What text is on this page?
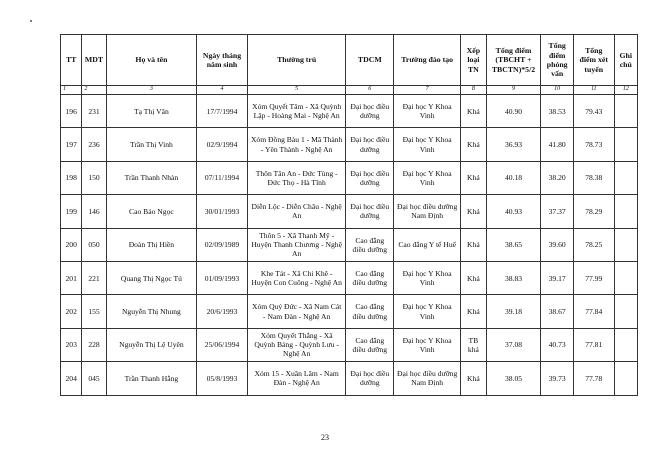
TT	MDT	Họ và tên	Ngày tháng năm sinh	Thường trú	TDCM	Trường đào tạo	Xếp loại TN	Tổng điểm (TBCHT + TBCTN)*5/2	Tổng điểm phỏng vấn	Tổng điểm xét tuyển	Ghi chú
1	2	3	4	5	6	7	8	9	10	11	12
196	231	Tạ Thị Vân	17/7/1994	Xóm Quyết Tâm - Xã Quỳnh Lập - Hoàng Mai - Nghệ An	Đại học điều dưỡng	Đại học Y Khoa Vinh	Khá	40.90	38.53	79.43	
197	236	Trần Thị Vinh	02/9/1994	Xóm Đồng Bàu 1 - Mã Thành - Yên Thành - Nghệ An	Đại học điều dưỡng	Đại học Y Khoa Vinh	Khá	36.93	41.80	78.73	
198	150	Trần Thanh Nhàn	07/11/1994	Thôn Tân An - Đức Tùng - Đức Thọ - Hà Tĩnh	Đại học điều dưỡng	Đại học Y Khoa Vinh	Khá	40.18	38.20	78.38	
199	146	Cao Bảo Ngọc	30/01/1993	Diễn Lộc - Diễn Châu - Nghệ An	Đại học điều dưỡng	Đại học điều dưỡng Nam Định	Khá	40.93	37.37	78.29	
200	050	Đoàn Thị Hiền	02/09/1989	Thôn 5 - Xã Thanh Mỹ - Huyện Thanh Chương - Nghệ An	Cao đẳng điều dưỡng	Cao đẳng Y tế Huế	Khá	38.65	39.60	78.25	
201	221	Quang Thị Ngọc Tú	01/09/1993	Khe Tát - Xã Chi Khê - Huyện Con Cuông - Nghệ An	Cao đẳng điều dưỡng	Đại học Y Khoa Vinh	Khá	38.83	39.17	77.99	
202	155	Nguyễn Thị Nhung	20/6/1993	Xóm Quý Đức - Xã Nam Cát - Nam Đàn - Nghệ An	Cao đẳng điều dưỡng	Đại học Y Khoa Vinh	Khá	39.18	38.67	77.84	
203	228	Nguyễn Thị Lệ Uyên	25/06/1994	Xóm Quyết Thắng - Xã Quỳnh Bảng - Quỳnh Lưu - Nghệ An	Cao đẳng điều dưỡng	Đại học Y Khoa Vinh	TB khá	37.08	40.73	77.81	
204	045	Trần Thanh Hằng	05/8/1993	Xóm 15 - Xuân Lâm - Nam Đàn - Nghệ An	Đại học điều dưỡng	Đại học điều dưỡng Nam Định	Khá	38.05	39.73	77.78	
23
